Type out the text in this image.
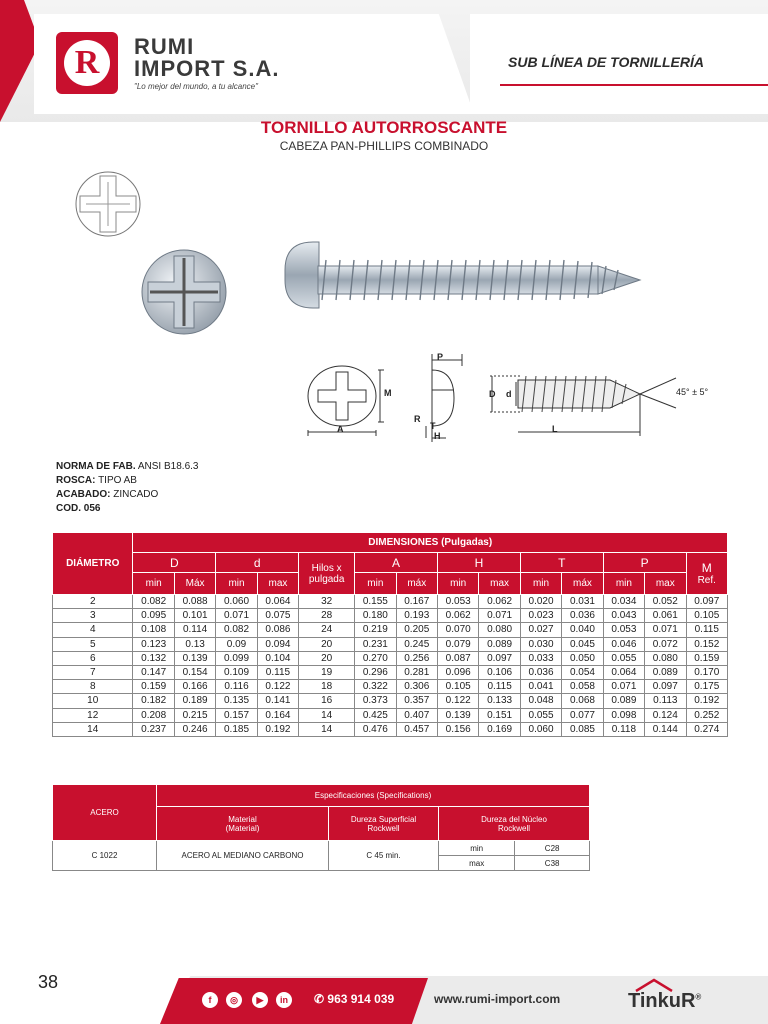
R	RUMI
IMPORT S.A.
"Lo mejor del mundo, a tu alcance"
SUB LÍNEA DE TORNILLERÍA
TORNILLO AUTORROSCANTE
CABEZA PAN-PHILLIPS COMBINADO
M
A
P
R
T
H
D d
L
45° ± 5°
NORMA DE FAB. ANSI B18.6.3
ROSCA: TIPO AB
ACABADO: ZINCADO
COD. 056
DIÁMETRO	DIMENSIONES (Pulgadas)													
	D		d		Hilos x
pulgada	A		H		T		P		M
Ref.
	min	Máx	min	max		min	máx	min	max	min	máx	min	max	
2	0.082	0.088	0.060	0.064	32	0.155	0.167	0.053	0.062	0.020	0.031	0.034	0.052	0.097
3	0.095	0.101	0.071	0.075	28	0.180	0.193	0.062	0.071	0.023	0.036	0.043	0.061	0.105
4	0.108	0.114	0.082	0.086	24	0.219	0.205	0.070	0.080	0.027	0.040	0.053	0.071	0.115
5	0.123	0.13	0.09	0.094	20	0.231	0.245	0.079	0.089	0.030	0.045	0.046	0.072	0.152
6	0.132	0.139	0.099	0.104	20	0.270	0.256	0.087	0.097	0.033	0.050	0.055	0.080	0.159
7	0.147	0.154	0.109	0.115	19	0.296	0.281	0.096	0.106	0.036	0.054	0.064	0.089	0.170
8	0.159	0.166	0.116	0.122	18	0.322	0.306	0.105	0.115	0.041	0.058	0.071	0.097	0.175
10	0.182	0.189	0.135	0.141	16	0.373	0.357	0.122	0.133	0.048	0.068	0.089	0.113	0.192
12	0.208	0.215	0.157	0.164	14	0.425	0.407	0.139	0.151	0.055	0.077	0.098	0.124	0.252
14	0.237	0.246	0.185	0.192	14	0.476	0.457	0.156	0.169	0.060	0.085	0.118	0.144	0.274
ACERO	Especificaciones (Specifications)			
	Material
(Material)	Dureza Superficial
Rockwell	Dureza del Núcleo
Rockwell	
C 1022	ACERO AL MEDIANO CARBONO	C 45 min.	min	C28
			max	C38
38
f	◎	▶	in	✆ 963 914 039	www.rumi-import.com	TinkuR®
